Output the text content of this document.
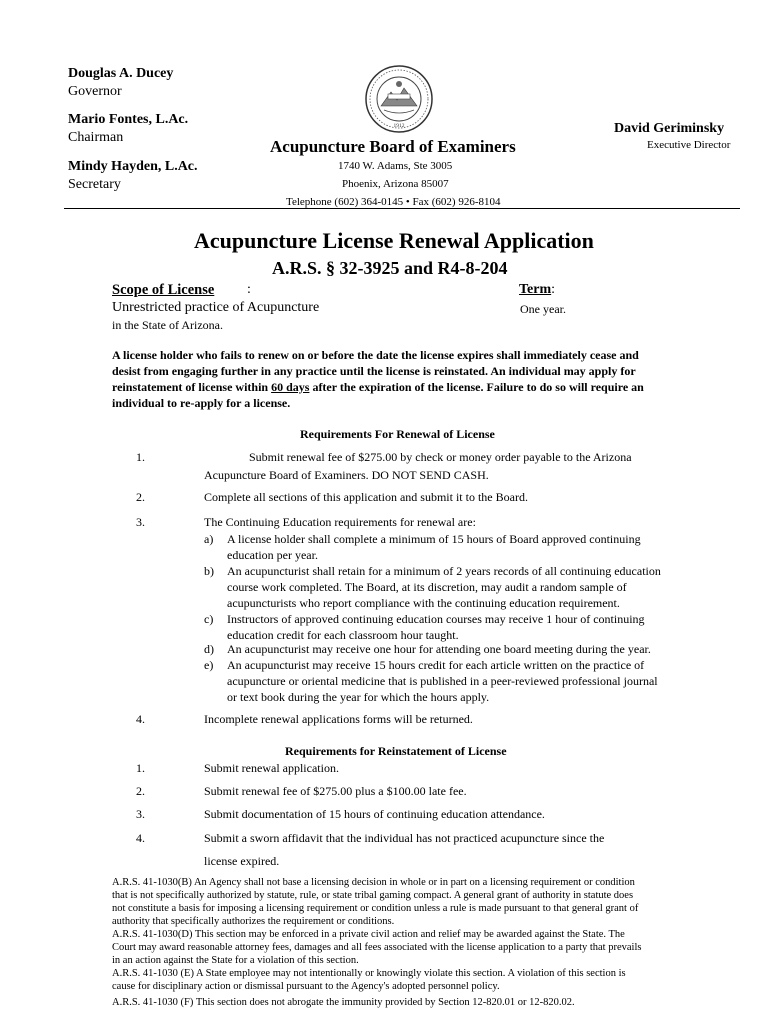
Douglas A. Ducey
Governor
Mario Fontes, L.Ac.
Chairman
Mindy Hayden, L.Ac.
Secretary
1912
Acupuncture Board of Examiners
1740 W. Adams, Ste 3005
Phoenix, Arizona 85007
Telephone (602) 364-0145 • Fax (602) 926-8104
David Geriminsky
Executive Director
Acupuncture License Renewal Application
A.R.S. § 32-3925 and R4-8-204
Scope of License :
Unrestricted practice of Acupuncture
in the State of Arizona.
Term:
One year.
A license holder who fails to renew on or before the date the license expires shall immediately cease and
desist from engaging further in any practice until the license is reinstated. An individual may apply for
reinstatement of license within 60 days after the expiration of the license. Failure to do so will require an
individual to re-apply for a license.
Requirements For Renewal of License
1.	Submit renewal fee of $275.00 by check or money order payable to the Arizona
Acupuncture Board of Examiners. DO NOT SEND CASH.
2.	Complete all sections of this application and submit it to the Board.
3.	The Continuing Education requirements for renewal are:
a) A license holder shall complete a minimum of 15 hours of Board approved continuing
education per year.
b) An acupuncturist shall retain for a minimum of 2 years records of all continuing education
course work completed. The Board, at its discretion, may audit a random sample of
acupuncturists who report compliance with the continuing education requirement.
c) Instructors of approved continuing education courses may receive 1 hour of continuing
education credit for each classroom hour taught.
d) An acupuncturist may receive one hour for attending one board meeting during the year.
e) An acupuncturist may receive 15 hours credit for each article written on the practice of
acupuncture or oriental medicine that is published in a peer-reviewed professional journal
or text book during the year for which the hours apply.
4.	Incomplete renewal applications forms will be returned.
Requirements for Reinstatement of License
1.	Submit renewal application.
2.	Submit renewal fee of $275.00 plus a $100.00 late fee.
3.	Submit documentation of 15 hours of continuing education attendance.
4.	Submit a sworn affidavit that the individual has not practiced acupuncture since the
license expired.
A.R.S. 41-1030(B) An Agency shall not base a licensing decision in whole or in part on a licensing requirement or condition
that is not specifically authorized by statute, rule, or state tribal gaming compact. A general grant of authority in statute does
not constitute a basis for imposing a licensing requirement or condition unless a rule is made pursuant to that general grant of
authority that specifically authorizes the requirement or conditions.
A.R.S. 41-1030(D) This section may be enforced in a private civil action and relief may be awarded against the State. The
Court may award reasonable attorney fees, damages and all fees associated with the license application to a party that prevails
in an action against the State for a violation of this section.
A.R.S. 41-1030 (E) A State employee may not intentionally or knowingly violate this section. A violation of this section is
cause for disciplinary action or dismissal pursuant to the Agency's adopted personnel policy.
A.R.S. 41-1030 (F) This section does not abrogate the immunity provided by Section 12-820.01 or 12-820.02.
